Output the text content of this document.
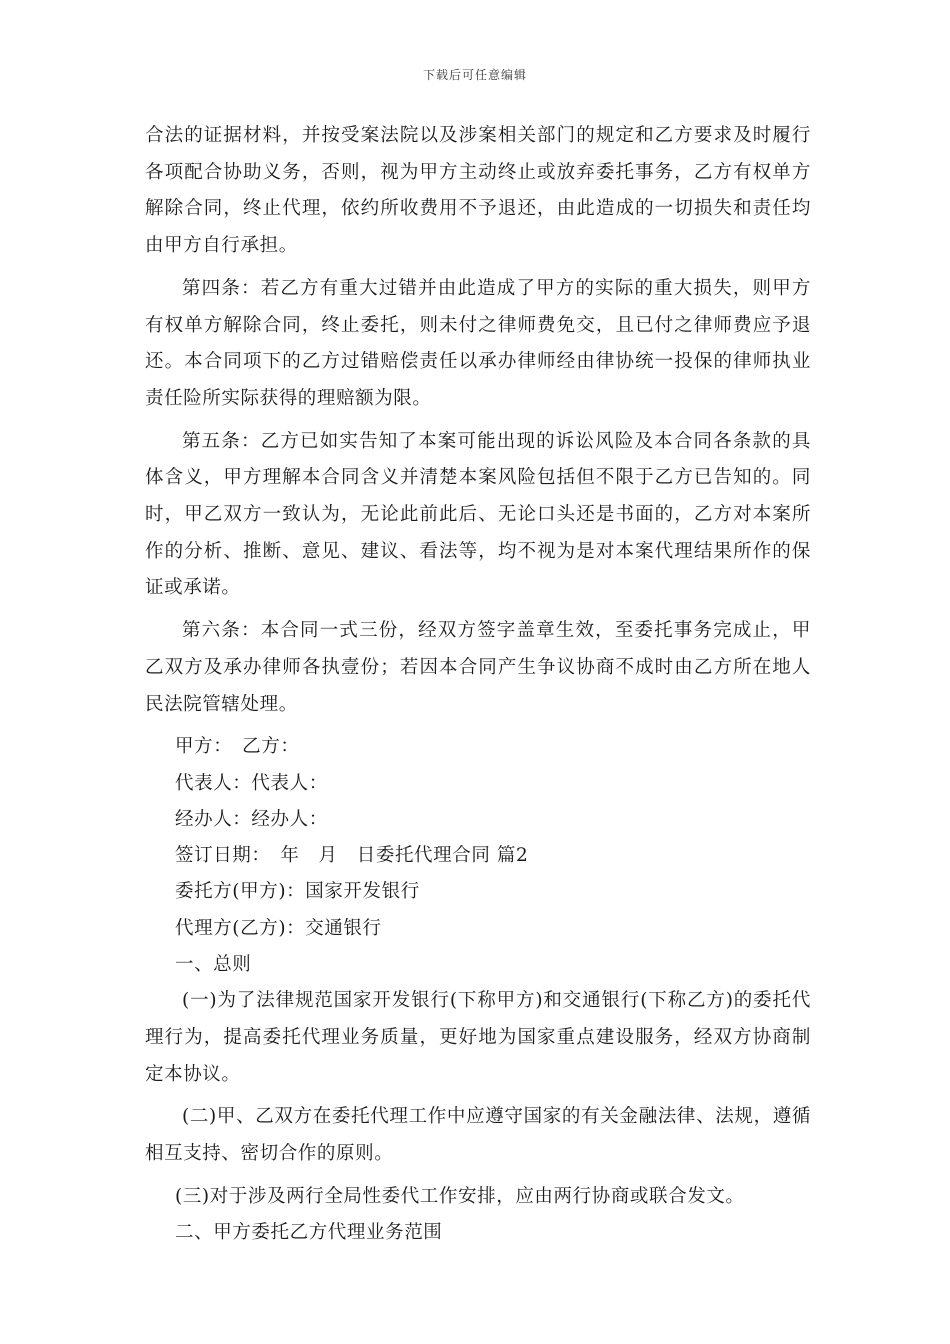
下载后可任意编辑

合法的证据材料，并按受案法院以及涉案相关部门的规定和乙方要求及时履行各项配合协助义务，否则，视为甲方主动终止或放弃委托事务，乙方有权单方解除合同，终止代理，依约所收费用不予退还，由此造成的一切损失和责任均由甲方自行承担。

第四条：若乙方有重大过错并由此造成了甲方的实际的重大损失，则甲方有权单方解除合同，终止委托，则未付之律师费免交，且已付之律师费应予退还。本合同项下的乙方过错赔偿责任以承办律师经由律协统一投保的律师执业责任险所实际获得的理赔额为限。

第五条：乙方已如实告知了本案可能出现的诉讼风险及本合同各条款的具体含义，甲方理解本合同含义并清楚本案风险包括但不限于乙方已告知的。同时，甲乙双方一致认为，无论此前此后、无论口头还是书面的，乙方对本案所作的分析、推断、意见、建议、看法等，均不视为是对本案代理结果所作的保证或承诺。

第六条：本合同一式三份，经双方签字盖章生效，至委托事务完成止，甲乙双方及承办律师各执壹份；若因本合同产生争议协商不成时由乙方所在地人民法院管辖处理。

甲方：　乙方：

代表人：代表人：

经办人：经办人：

签订日期：　年　月　日委托代理合同 篇2

委托方(甲方)：国家开发银行

代理方(乙方)：交通银行

一、总则

(一)为了法律规范国家开发银行(下称甲方)和交通银行(下称乙方)的委托代理行为，提高委托代理业务质量，更好地为国家重点建设服务，经双方协商制定本协议。

(二)甲、乙双方在委托代理工作中应遵守国家的有关金融法律、法规，遵循相互支持、密切合作的原则。

(三)对于涉及两行全局性委代工作安排，应由两行协商或联合发文。

二、甲方委托乙方代理业务范围
